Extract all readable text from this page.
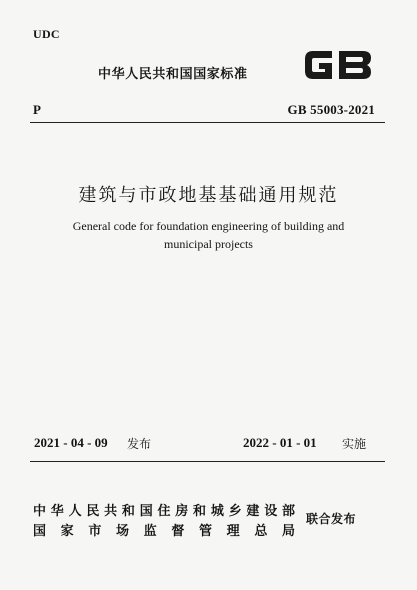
UDC
中华人民共和国国家标准
P	GB 55003-2021
建筑与市政地基基础通用规范
General code for foundation engineering of building and
municipal projects
2021 - 04 - 09 发布	2022 - 01 - 01 实施
中华人民共和国住房和城乡建设部
国家市场监督管理总局
联合发布
